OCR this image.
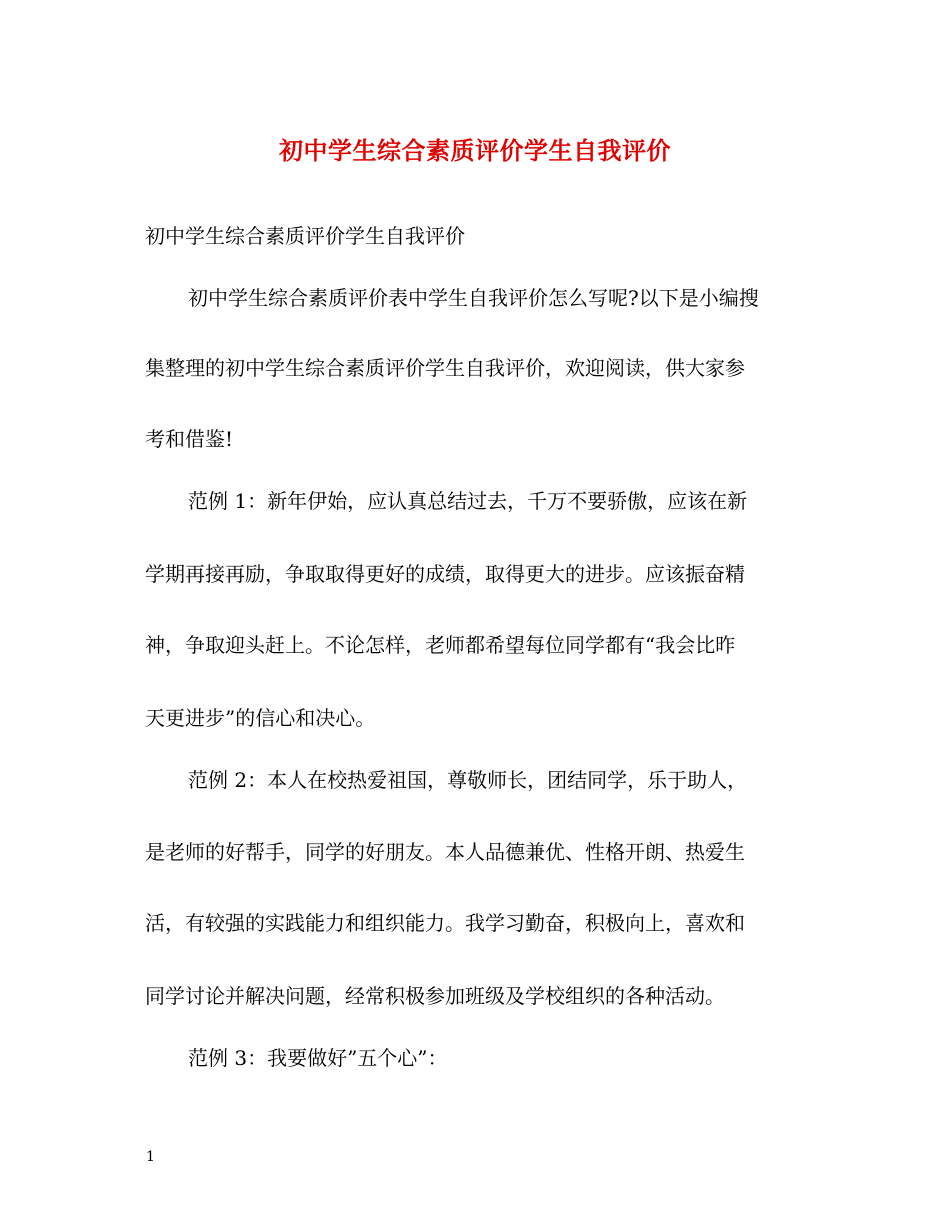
初中学生综合素质评价学生自我评价
初中学生综合素质评价学生自我评价
初中学生综合素质评价表中学生自我评价怎么写呢?以下是小编搜
集整理的初中学生综合素质评价学生自我评价，欢迎阅读，供大家参
考和借鉴!
范例 1：新年伊始，应认真总结过去，千万不要骄傲，应该在新
学期再接再励，争取取得更好的成绩，取得更大的进步。应该振奋精
神，争取迎头赶上。不论怎样，老师都希望每位同学都有“我会比昨
天更进步”的信心和决心。
范例 2：本人在校热爱祖国，尊敬师长，团结同学，乐于助人，
是老师的好帮手，同学的好朋友。本人品德兼优、性格开朗、热爱生
活，有较强的实践能力和组织能力。我学习勤奋，积极向上，喜欢和
同学讨论并解决问题，经常积极参加班级及学校组织的各种活动。
范例 3：我要做好”五个心”：
1
